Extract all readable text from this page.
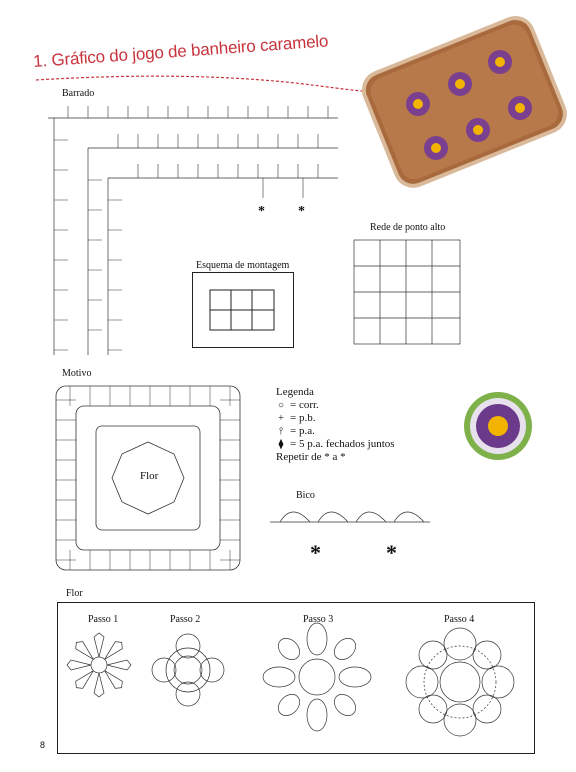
1. Gráfico do jogo de banheiro caramelo
Barrado
* *
Rede de ponto alto
Esquema de montagem
Motivo
Flor
Legenda
○ = corr.
+ = p.b.
⫯ = p.a.
⧫ = 5 p.a. fechados juntos
Repetir de * a *
Bico
*	*
Flor
Passo 1	Passo 2	Passo 3	Passo 4
8
